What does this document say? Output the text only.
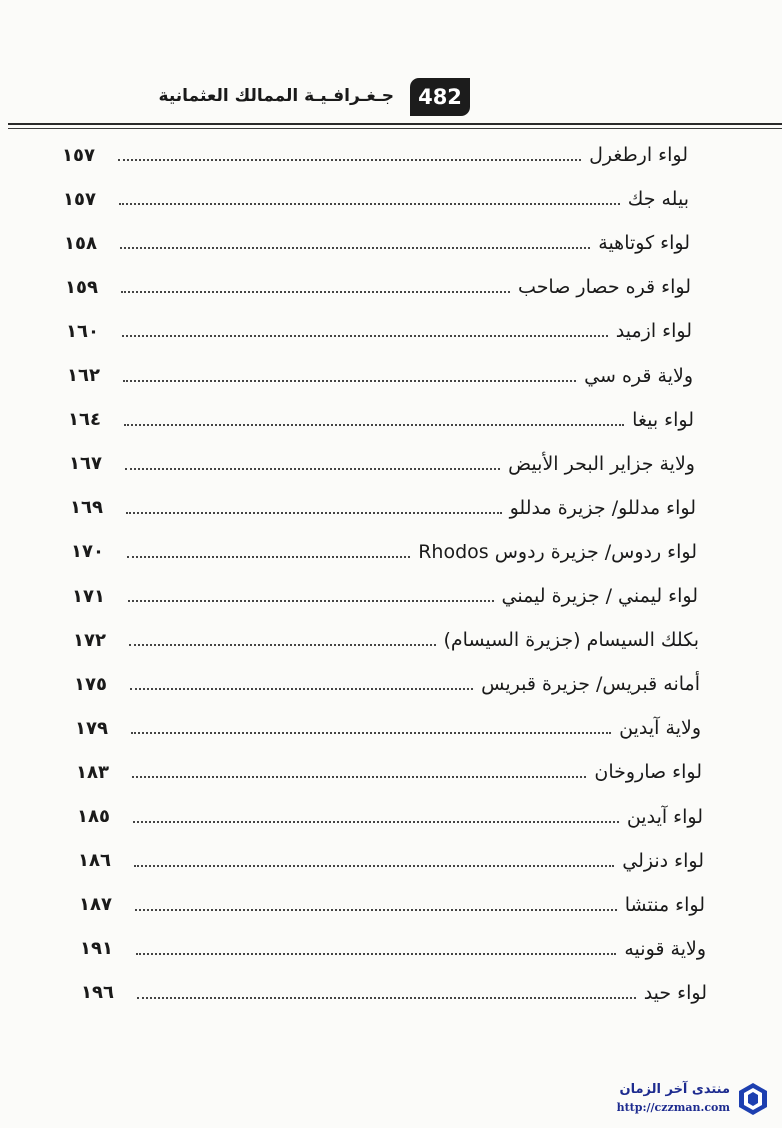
جـغـرافـيـة الممالك العثمانية	482
لواء ارطغرل
١٥٧
بيله جك
١٥٧
لواء كوتاهية
١٥٨
لواء قره حصار صاحب
١٥٩
لواء ازميد
١٦٠
ولاية قره سي
١٦٢
لواء بيغا
١٦٤
ولاية جزاير البحر الأبيض
١٦٧
لواء مدللو/ جزيرة مدللو
١٦٩
لواء ردوس/ جزيرة ردوس Rhodos
١٧٠
لواء ليمني / جزيرة ليمني
١٧١
بكلك السيسام (جزيرة السيسام)
١٧٢
أمانه قبريس/ جزيرة قبريس
١٧٥
ولاية آيدين
١٧٩
لواء صاروخان
١٨٣
لواء آيدين
١٨٥
لواء دنزلي
١٨٦
لواء منتشا
١٨٧
ولاية قونيه
١٩١
لواء حيد
١٩٦
منتدى آخر الزمان
http://czzman.com
